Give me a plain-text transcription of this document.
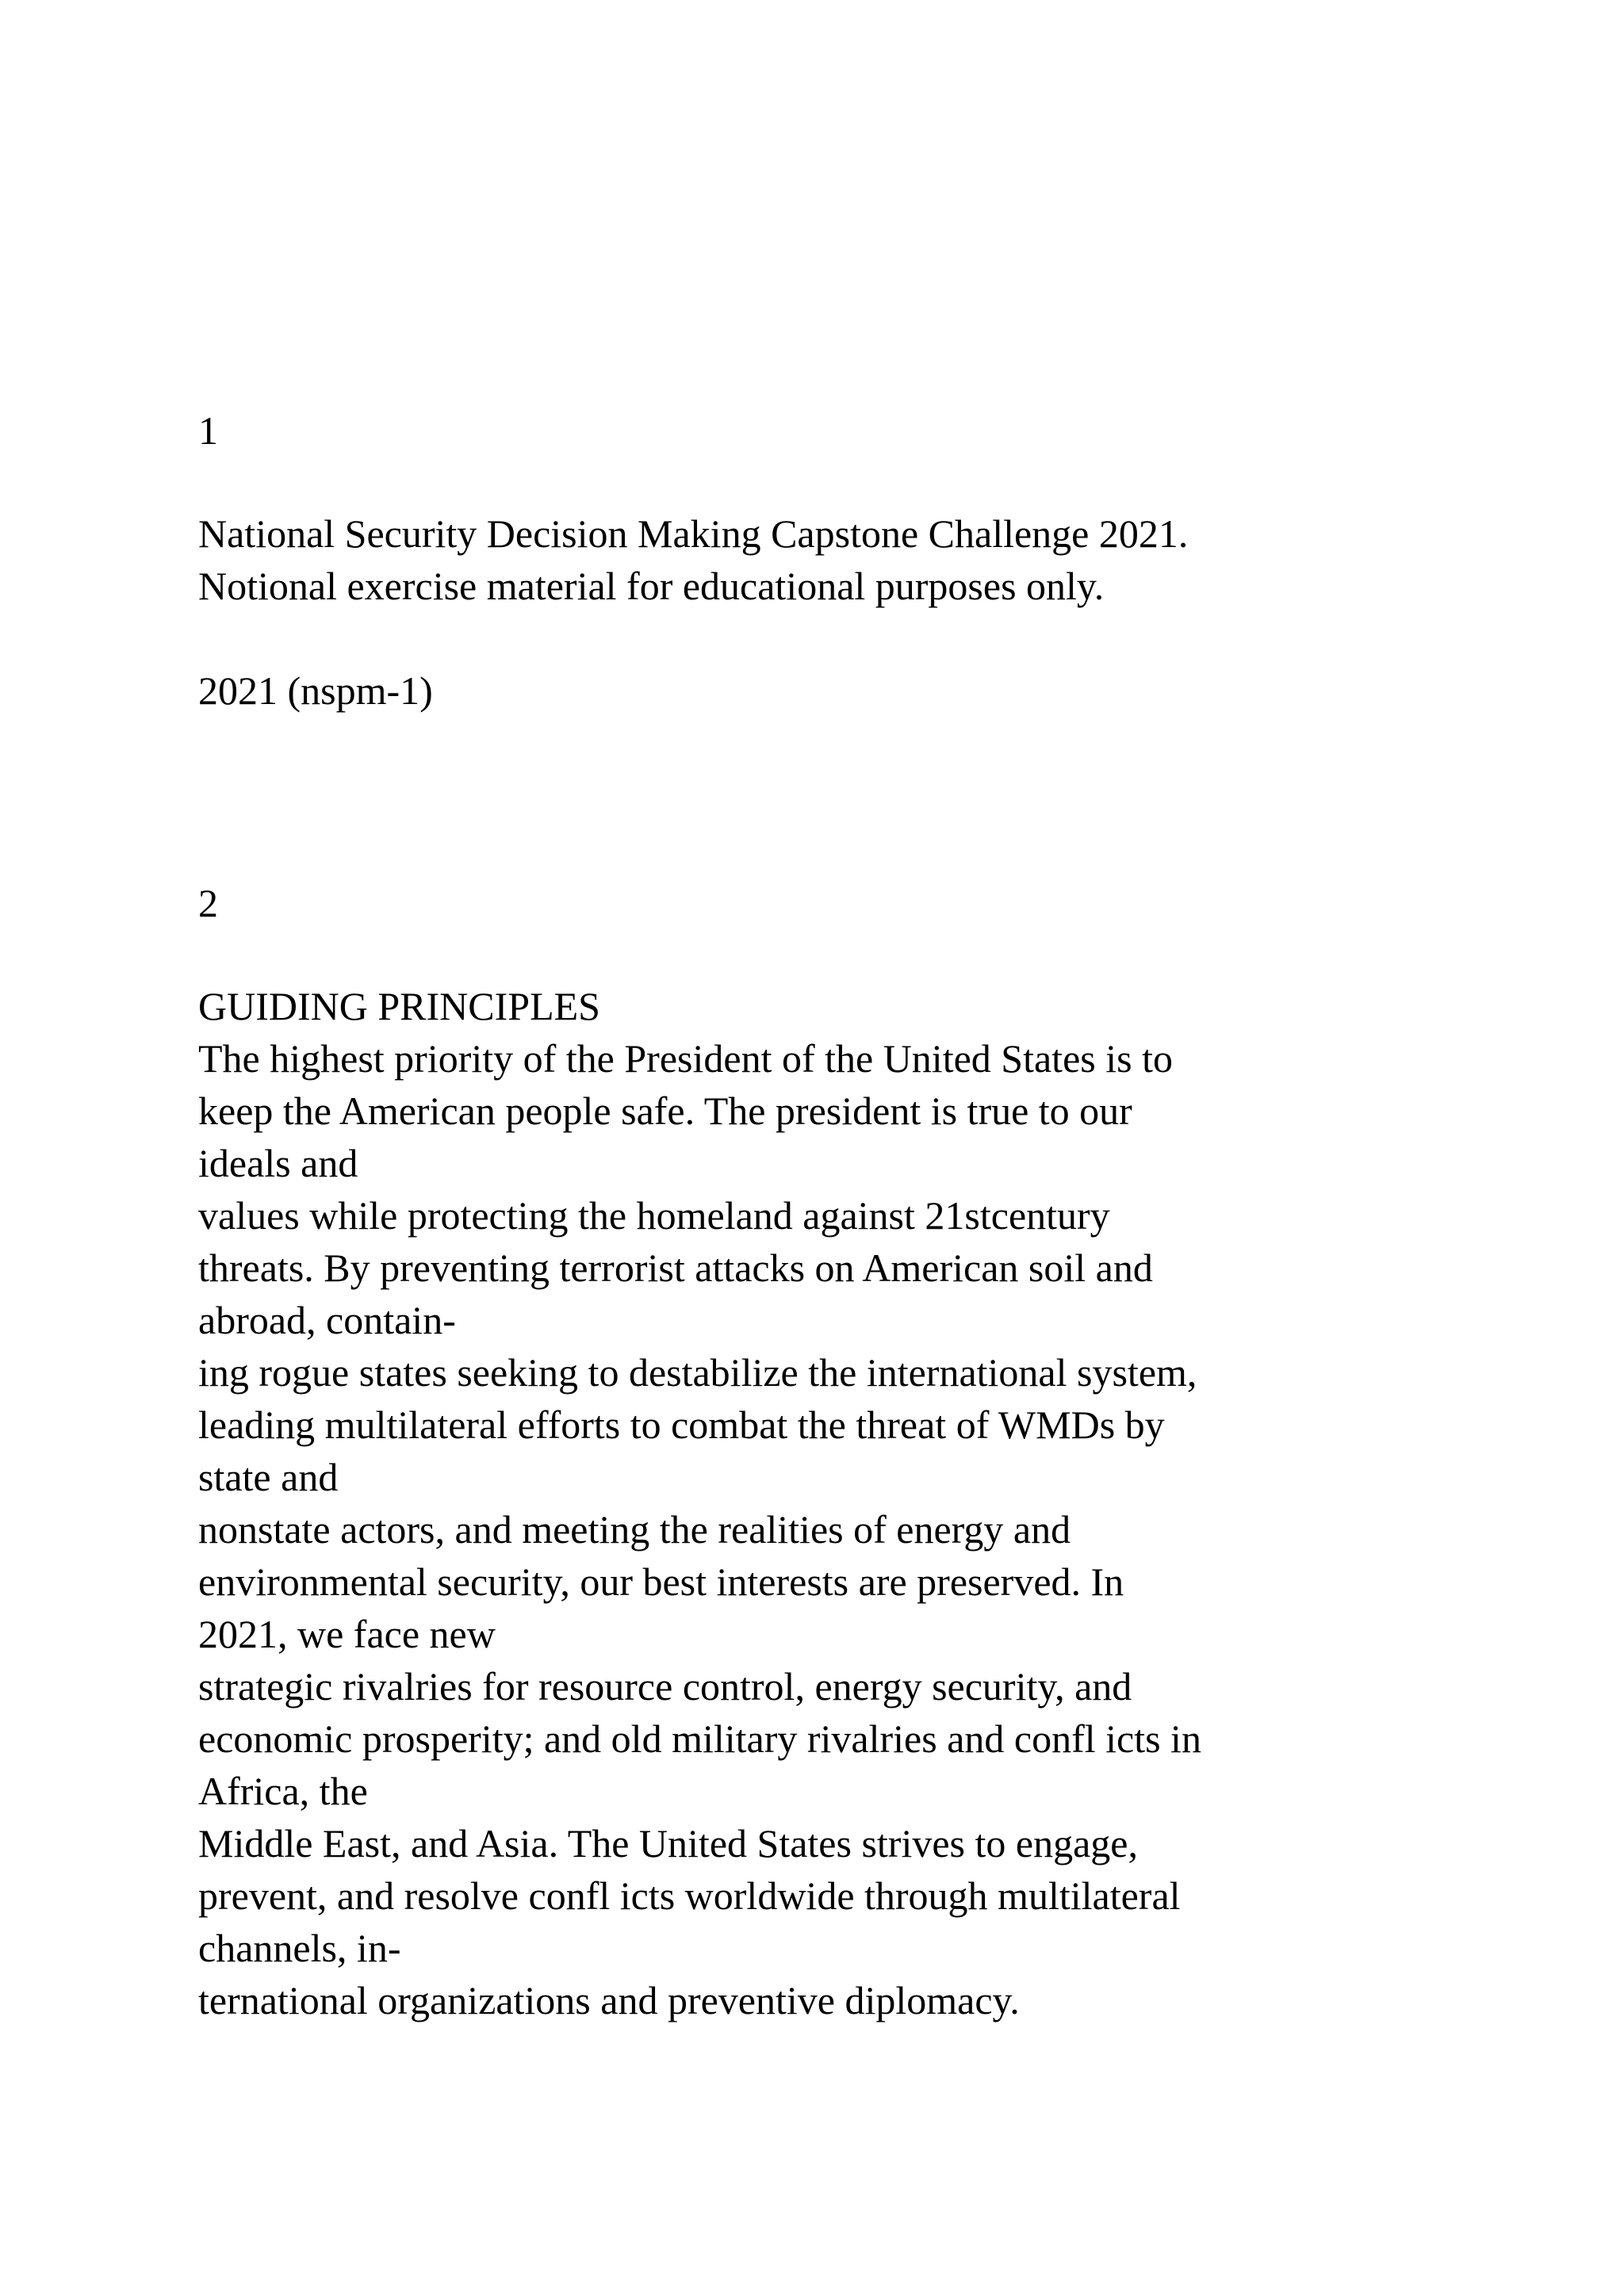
1
National Security Decision Making Capstone Challenge 2021.
Notional exercise material for educational purposes only.
2021 (nspm-1)
2
GUIDING PRINCIPLES
The highest priority of the President of the United States is to
keep the American people safe. The president is true to our
ideals and
values while protecting the homeland against 21stcentury
threats. By preventing terrorist attacks on American soil and
abroad, contain-
ing rogue states seeking to destabilize the international system,
leading multilateral efforts to combat the threat of WMDs by
state and
nonstate actors, and meeting the realities of energy and
environmental security, our best interests are preserved. In
2021, we face new
strategic rivalries for resource control, energy security, and
economic prosperity; and old military rivalries and confl icts in
Africa, the
Middle East, and Asia. The United States strives to engage,
prevent, and resolve confl icts worldwide through multilateral
channels, in-
ternational organizations and preventive diplomacy.
